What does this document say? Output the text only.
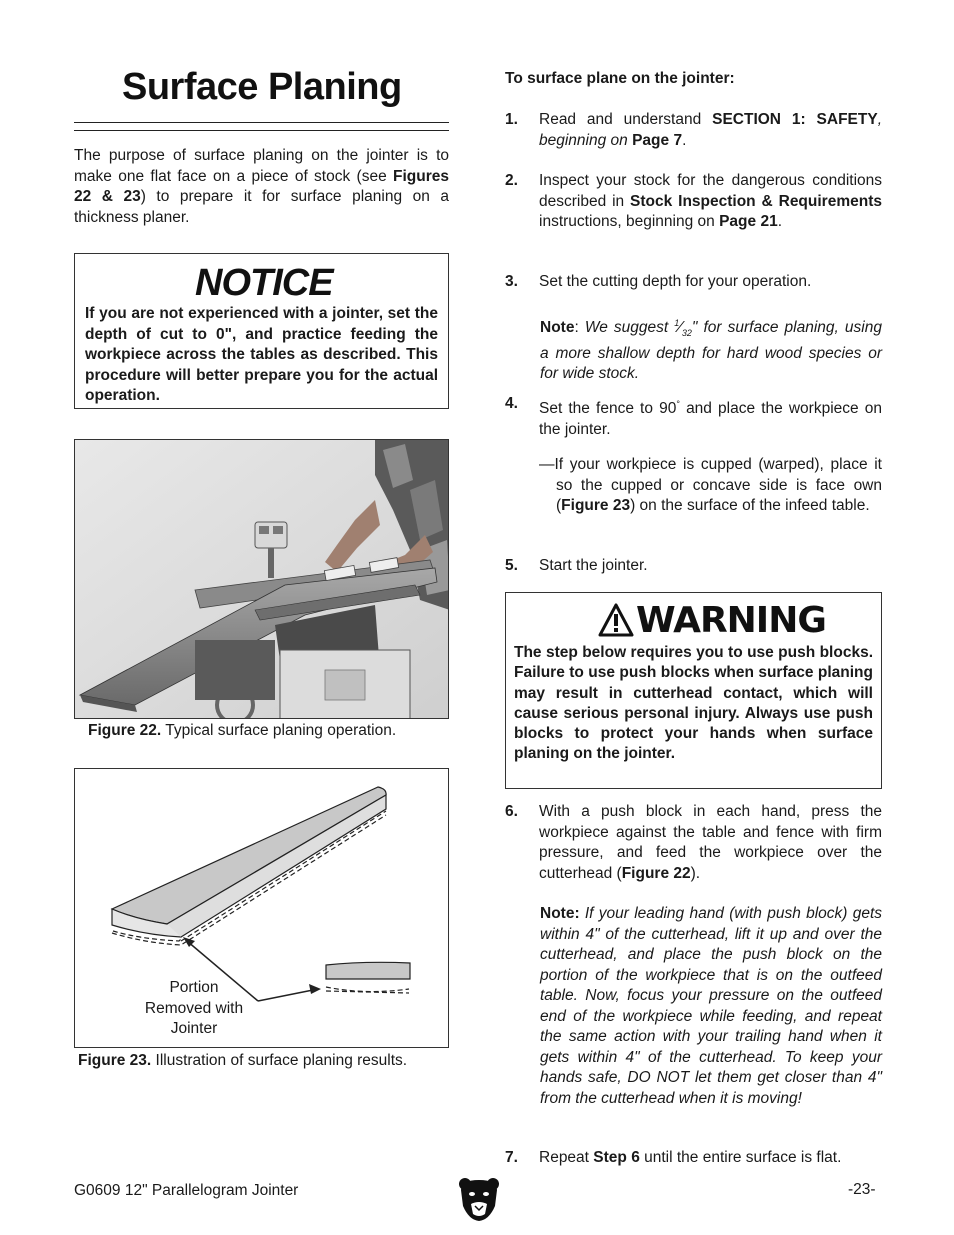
Surface Planing

The purpose of surface planing on the jointer is to make one flat face on a piece of stock (see Figures 22 & 23) to prepare it for surface planing on a thickness planer.

NOTICE
If you are not experienced with a jointer, set the depth of cut to 0", and practice feeding the workpiece across the tables as described. This procedure will better prepare you for the actual operation.
Figure 22. Typical surface planing operation.
Portion
Removed with
Jointer
Figure 23. Illustration of surface planing results.
To surface plane on the jointer:
1.	Read and understand SECTION 1: SAFETY, beginning on Page 7.
2.	Inspect your stock for the dangerous conditions described in Stock Inspection & Requirements instructions, beginning on Page 21.
3.	Set the cutting depth for your operation.
Note: We suggest $^1⁄_{32}$" for surface planing, using a more shallow depth for hard wood species or for wide stock.
4.	Set the fence to 90° and place the workpiece on the jointer.
—If your workpiece is cupped (warped), place it so the cupped or concave side is face own (Figure 23) on the surface of the infeed table.
5.	Start the jointer.
WARNING
The step below requires you to use push blocks. Failure to use push blocks when surface planing may result in cutterhead contact, which will cause serious personal injury. Always use push blocks to protect your hands when surface planing on the jointer.
6.	With a push block in each hand, press the workpiece against the table and fence with firm pressure, and feed the workpiece over the cutterhead (Figure 22).
Note: If your leading hand (with push block) gets within 4" of the cutterhead, lift it up and over the cutterhead, and place the push block on the portion of the workpiece that is on the outfeed table. Now, focus your pressure on the outfeed end of the workpiece while feeding, and repeat the same action with your trailing hand when it gets within 4" of the cutterhead. To keep your hands safe, DO NOT let them get closer than 4" from the cutterhead when it is moving!
7.	Repeat Step 6 until the entire surface is flat.
G0609 12" Parallelogram Jointer	-23-
